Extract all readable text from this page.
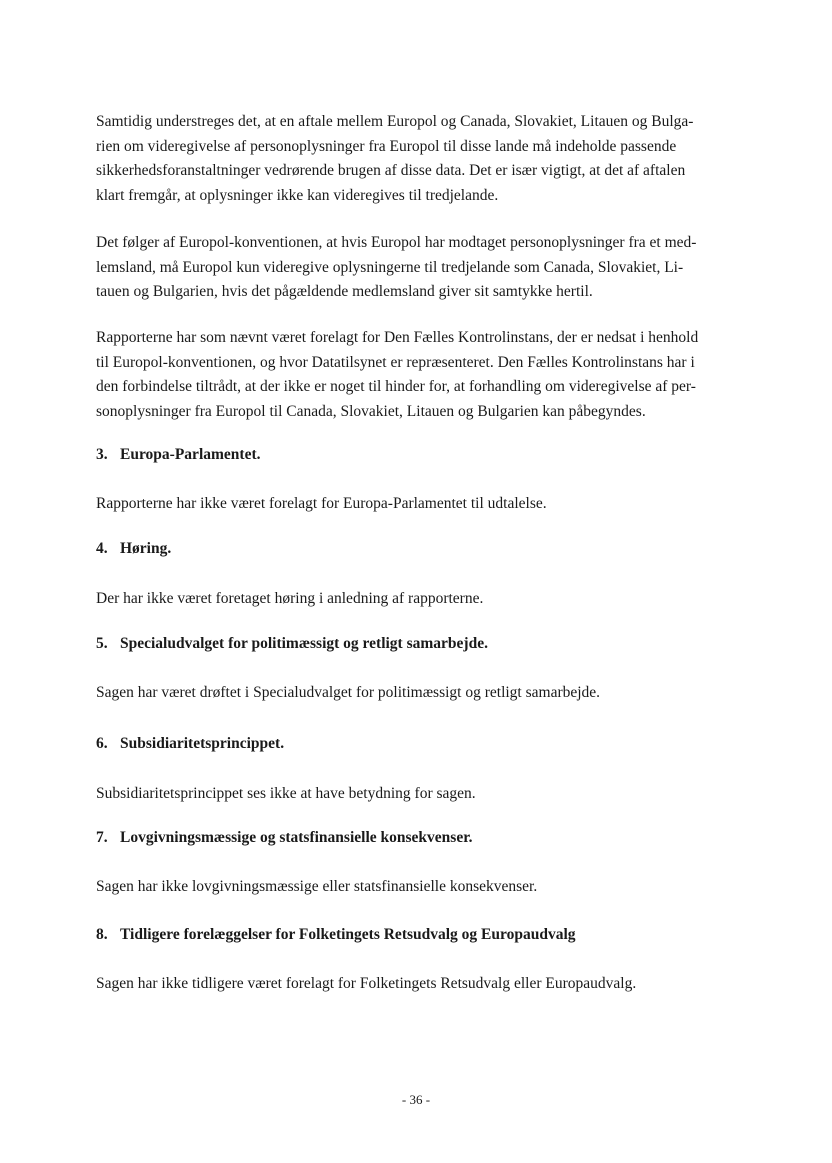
Samtidig understreges det, at en aftale mellem Europol og Canada, Slovakiet, Litauen og Bulga-
rien om videregivelse af personoplysninger fra Europol til disse lande må indeholde passende
sikkerhedsforanstaltninger vedrørende brugen af disse data. Det er især vigtigt, at det af aftalen
klart fremgår, at oplysninger ikke kan videregives til tredjelande.

Det følger af Europol-konventionen, at hvis Europol har modtaget personoplysninger fra et med-
lemsland, må Europol kun videregive oplysningerne til tredjelande som Canada, Slovakiet, Li-
tauen og Bulgarien, hvis det pågældende medlemsland giver sit samtykke hertil.

Rapporterne har som nævnt været forelagt for Den Fælles Kontrolinstans, der er nedsat i henhold
til Europol-konventionen, og hvor Datatilsynet er repræsenteret. Den Fælles Kontrolinstans har i
den forbindelse tiltrådt, at der ikke er noget til hinder for, at forhandling om videregivelse af per-
sonoplysninger fra Europol til Canada, Slovakiet, Litauen og Bulgarien kan påbegyndes.

3. Europa-Parlamentet.

Rapporterne har ikke været forelagt for Europa-Parlamentet til udtalelse.

4. Høring.

Der har ikke været foretaget høring i anledning af rapporterne.

5. Specialudvalget for politimæssigt og retligt samarbejde.

Sagen har været drøftet i Specialudvalget for politimæssigt og retligt samarbejde.

6. Subsidiaritetsprincippet.

Subsidiaritetsprincippet ses ikke at have betydning for sagen.

7. Lovgivningsmæssige og statsfinansielle konsekvenser.

Sagen har ikke lovgivningsmæssige eller statsfinansielle konsekvenser.

8. Tidligere forelæggelser for Folketingets Retsudvalg og Europaudvalg

Sagen har ikke tidligere været forelagt for Folketingets Retsudvalg eller Europaudvalg.

- 36 -
